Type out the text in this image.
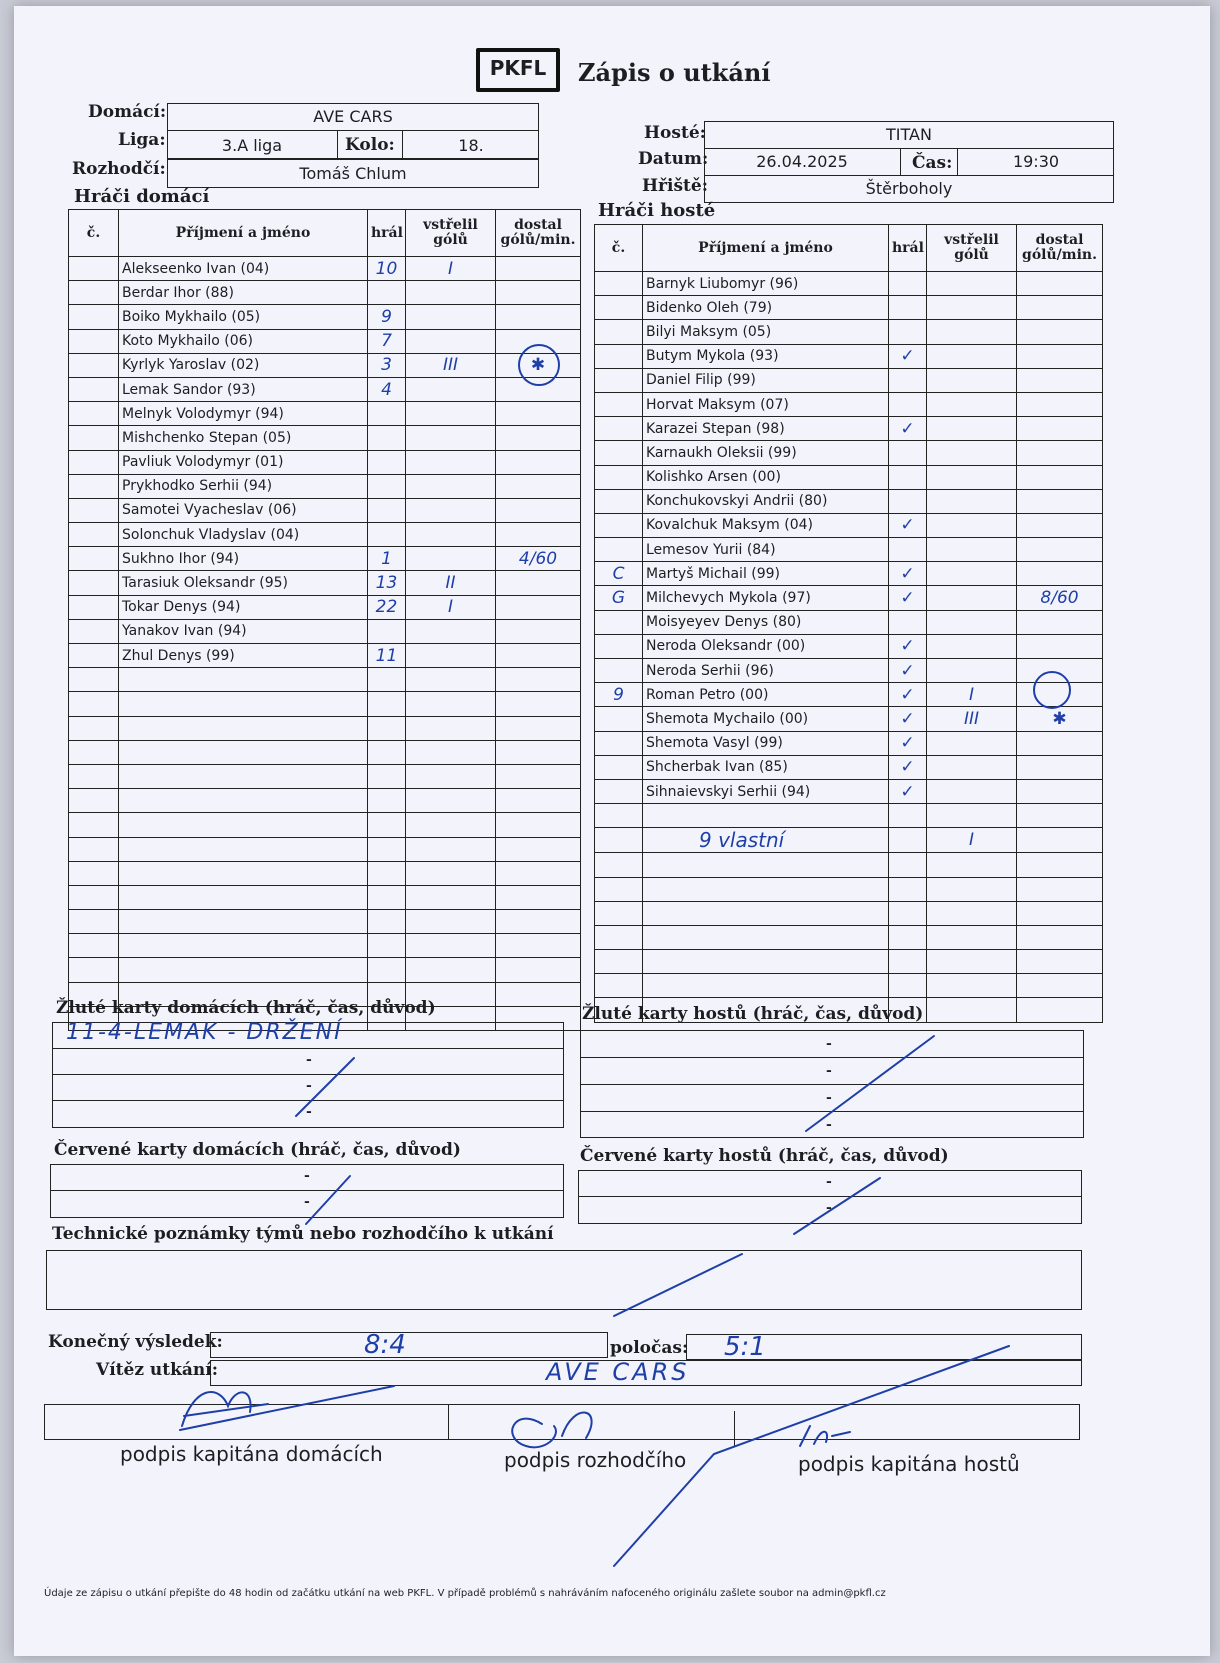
PKFL	Zápis o utkání
Domácí:	AVE CARS
Liga:	3.A liga	Kolo:	18.
Rozhodčí:	Tomáš Chlum
Hosté:	TITAN
Datum:	26.04.2025	Čas:	19:30
Hřiště:	Štěrboholy
Hráči domácí
č.	Příjmení a jméno	hrál	vstřelil gólů	dostal gólů/min.
	Alekseenko Ivan (04)	10	I	
	Berdar Ihor (88)			
	Boiko Mykhailo (05)	9		
	Koto Mykhailo (06)	7		
	Kyrlyk Yaroslav (02)	3	III	✱
	Lemak Sandor (93)	4		
	Melnyk Volodymyr (94)			
	Mishchenko Stepan (05)			
	Pavliuk Volodymyr (01)			
	Prykhodko Serhii (94)			
	Samotei Vyacheslav (06)			
	Solonchuk Vladyslav (04)			
	Sukhno Ihor (94)	1		4/60
	Tarasiuk Oleksandr (95)	13	II	
	Tokar Denys (94)	22	I	
	Yanakov Ivan (94)			
	Zhul Denys (99)	11		

Hráči hosté
č.	Příjmení a jméno	hrál	vstřelil gólů	dostal gólů/min.
	Barnyk Liubomyr (96)			
	Bidenko Oleh (79)			
	Bilyi Maksym (05)			
	Butym Mykola (93)	✓		
	Daniel Filip (99)			
	Horvat Maksym (07)			
	Karazei Stepan (98)	✓		
	Karnaukh Oleksii (99)			
	Kolishko Arsen (00)			
	Konchukovskyi Andrii (80)			
	Kovalchuk Maksym (04)	✓		
	Lemesov Yurii (84)			
C	Martyš Michail (99)	✓		
G	Milchevych Mykola (97)	✓		8/60
	Moisyeyev Denys (80)			
	Neroda Oleksandr (00)	✓		
	Neroda Serhii (96)	✓		
9	Roman Petro (00)	✓	I	
	Shemota Mychailo (00)	✓	III	✱
	Shemota Vasyl (99)	✓		
	Shcherbak Ivan (85)	✓		
	Sihnaievskyi Serhii (94)	✓		

	9 vlastní		I	

Žluté karty domácích (hráč, čas, důvod)
11-4-LEMAK - DRŽENÍ
-
-
-
Žluté karty hostů (hráč, čas, důvod)
-
-
-
-
Červené karty domácích (hráč, čas, důvod)
-
-
Červené karty hostů (hráč, čas, důvod)
-
-
Technické poznámky týmů nebo rozhodčího k utkání
Konečný výsledek:	8:4	poločas: 5:1
Vítěz utkání:	AVE CARS
podpis kapitána domácích	podpis rozhodčího	podpis kapitána hostů
Údaje ze zápisu o utkání přepište do 48 hodin od začátku utkání na web PKFL. V případě problémů s nahráváním nafoceného originálu zašlete soubor na admin@pkfl.cz
